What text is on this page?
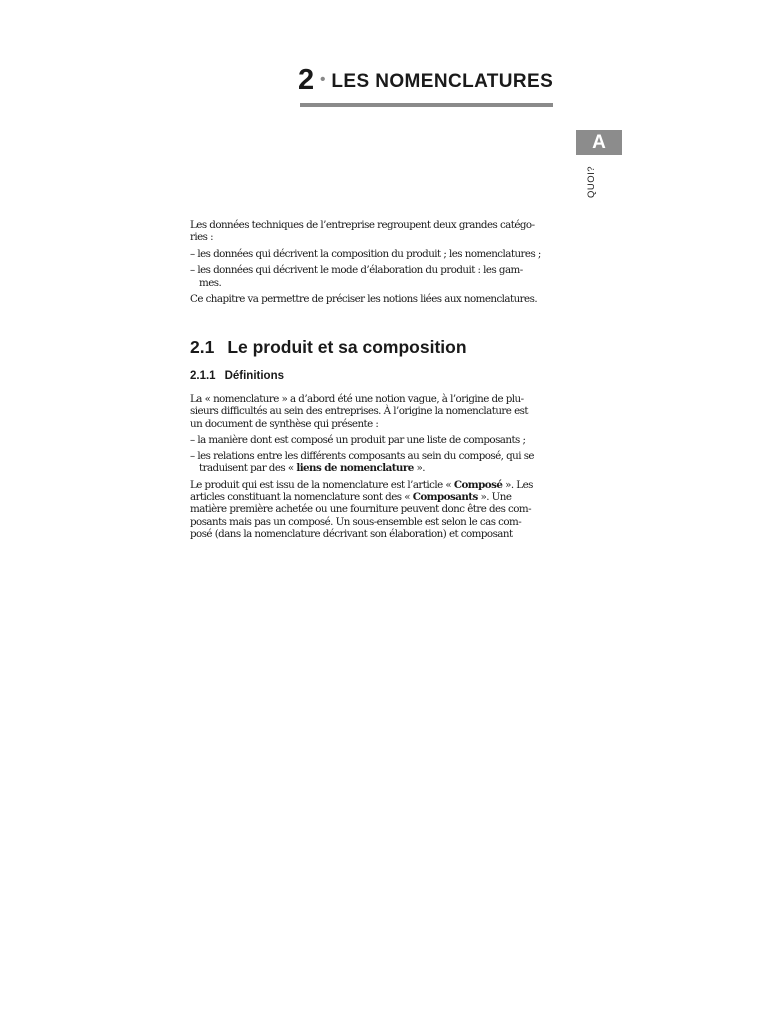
2 • LES NOMENCLATURES
A
QUOI?

Les données techniques de l’entreprise regroupent deux grandes catégo-
ries :

– les données qui décrivent la composition du produit ; les nomenclatures ;

– les données qui décrivent le mode d’élaboration du produit : les gam-
mes.

Ce chapitre va permettre de préciser les notions liées aux nomenclatures.

2.1 Le produit et sa composition
2.1.1 Définitions

La « nomenclature » a d’abord été une notion vague, à l’origine de plu-
sieurs difficultés au sein des entreprises. À l’origine la nomenclature est
un document de synthèse qui présente :

– la manière dont est composé un produit par une liste de composants ;

– les relations entre les différents composants au sein du composé, qui se
traduisent par des « liens de nomenclature ».

Le produit qui est issu de la nomenclature est l’article « Composé ». Les
articles constituant la nomenclature sont des « Composants ». Une
matière première achetée ou une fourniture peuvent donc être des com-
posants mais pas un composé. Un sous-ensemble est selon le cas com-
posé (dans la nomenclature décrivant son élaboration) et composant
